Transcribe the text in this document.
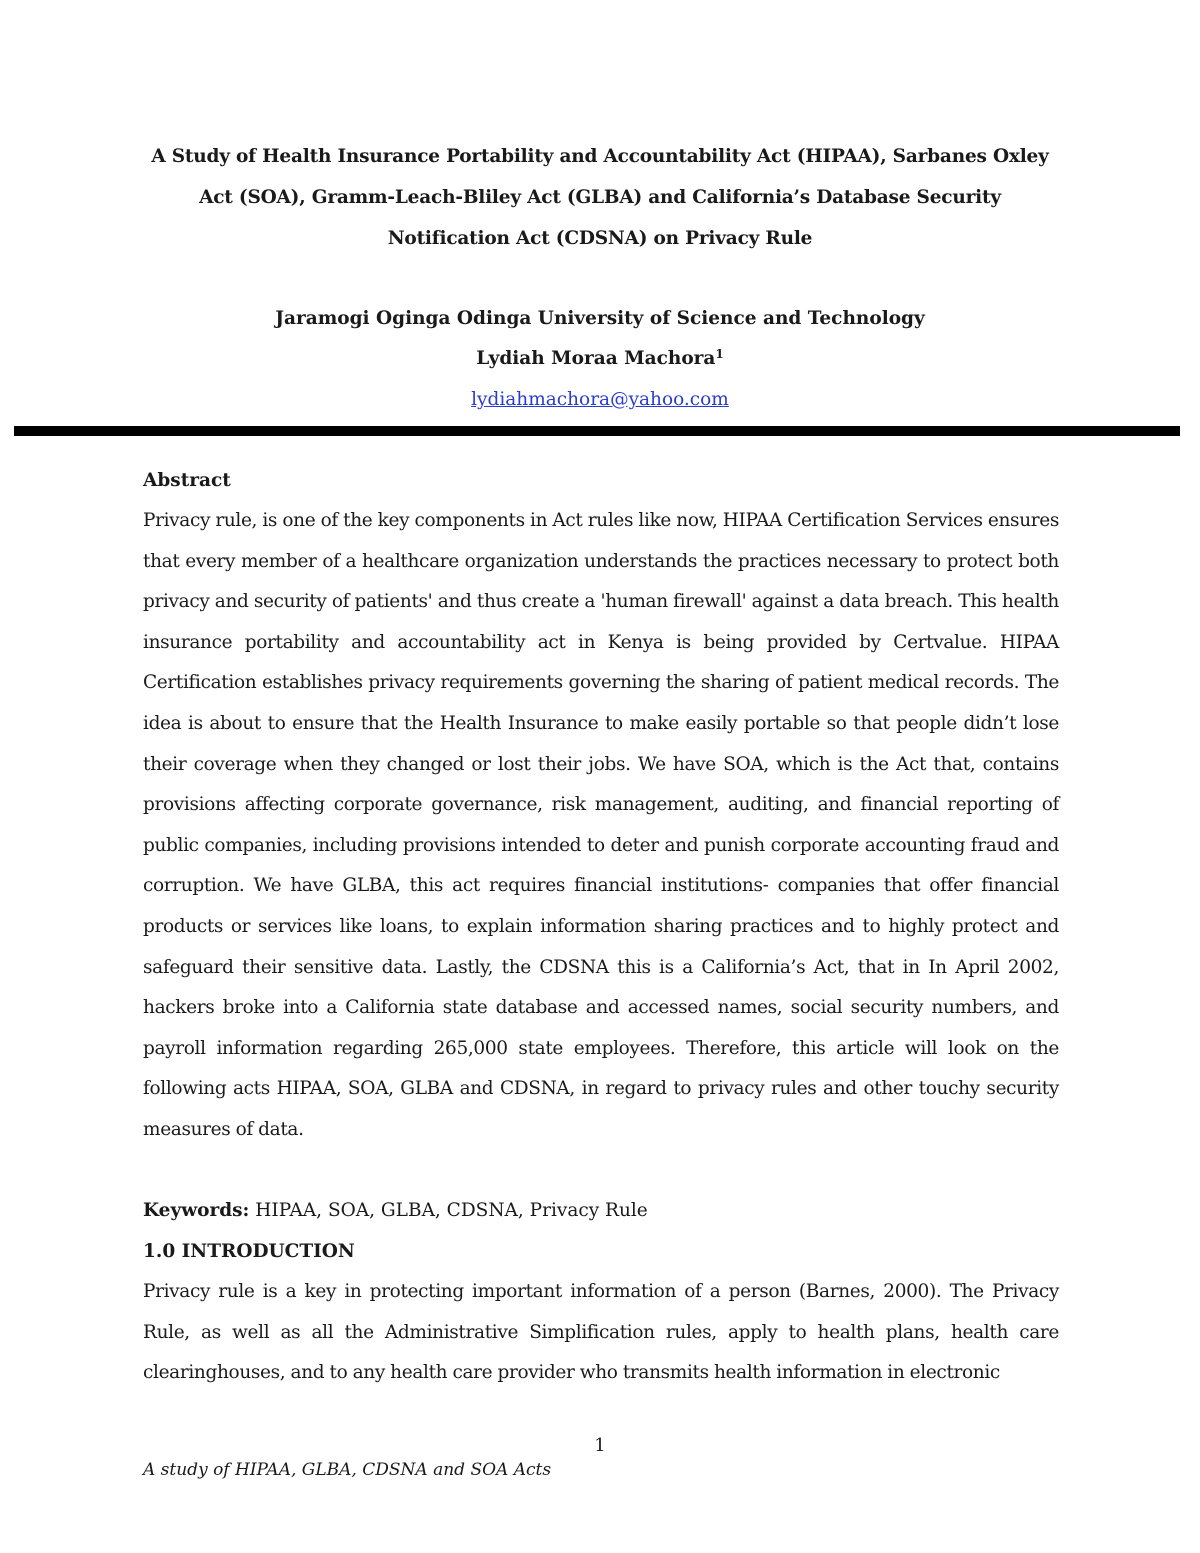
A Study of Health Insurance Portability and Accountability Act (HIPAA), Sarbanes Oxley
Act (SOA), Gramm-Leach-Bliley Act (GLBA) and California’s Database Security
Notification Act (CDSNA) on Privacy Rule
Jaramogi Oginga Odinga University of Science and Technology
Lydiah Moraa Machora$^1$
lydiahmachora@yahoo.com
Abstract
Privacy rule, is one of the key components in Act rules like now, HIPAA Certification Services ensures that every member of a healthcare organization understands the practices necessary to protect both privacy and security of patients' and thus create a 'human firewall' against a data breach. This health insurance portability and accountability act in Kenya is being provided by Certvalue. HIPAA Certification establishes privacy requirements governing the sharing of patient medical records. The idea is about to ensure that the Health Insurance to make easily portable so that people didn’t lose their coverage when they changed or lost their jobs. We have SOA, which is the Act that, contains provisions affecting corporate governance, risk management, auditing, and financial reporting of public companies, including provisions intended to deter and punish corporate accounting fraud and corruption. We have GLBA, this act requires financial institutions- companies that offer financial products or services like loans, to explain information sharing practices and to highly protect and safeguard their sensitive data. Lastly, the CDSNA this is a California’s Act, that in In April 2002, hackers broke into a California state database and accessed names, social security numbers, and payroll information regarding 265,000 state employees. Therefore, this article will look on the following acts HIPAA, SOA, GLBA and CDSNA, in regard to privacy rules and other touchy security measures of data.
Keywords: HIPAA, SOA, GLBA, CDSNA, Privacy Rule
1.0 INTRODUCTION
Privacy rule is a key in protecting important information of a person (Barnes, 2000). The Privacy Rule, as well as all the Administrative Simplification rules, apply to health plans, health care clearinghouses, and to any health care provider who transmits health information in electronic
1
A study of HIPAA, GLBA, CDSNA and SOA Acts
